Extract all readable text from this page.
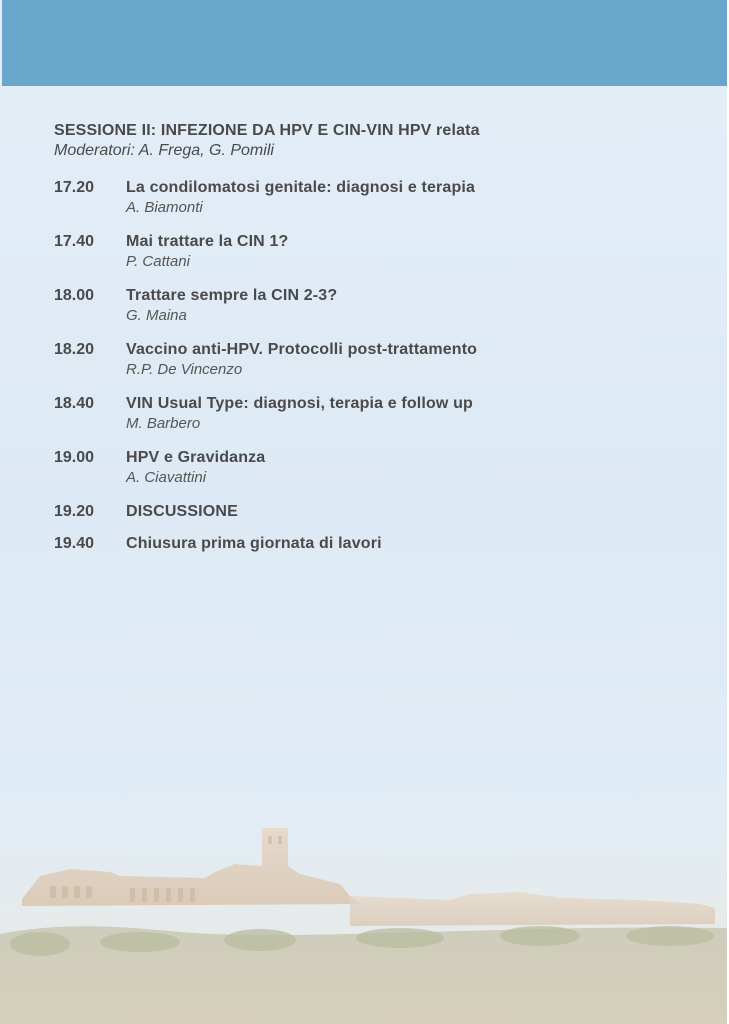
SESSIONE II: INFEZIONE DA HPV E CIN-VIN HPV relata

Moderatori: A. Frega, G. Pomili

17.20	La condilomatosi genitale: diagnosi e terapia
A. Biamonti
17.40	Mai trattare la CIN 1?
P. Cattani
18.00	Trattare sempre la CIN 2-3?
G. Maina
18.20	Vaccino anti-HPV. Protocolli post-trattamento
R.P. De Vincenzo
18.40	VIN Usual Type: diagnosi, terapia e follow up
M. Barbero
19.00	HPV e Gravidanza
A. Ciavattini
19.20	DISCUSSIONE
19.40	Chiusura prima giornata di lavori
